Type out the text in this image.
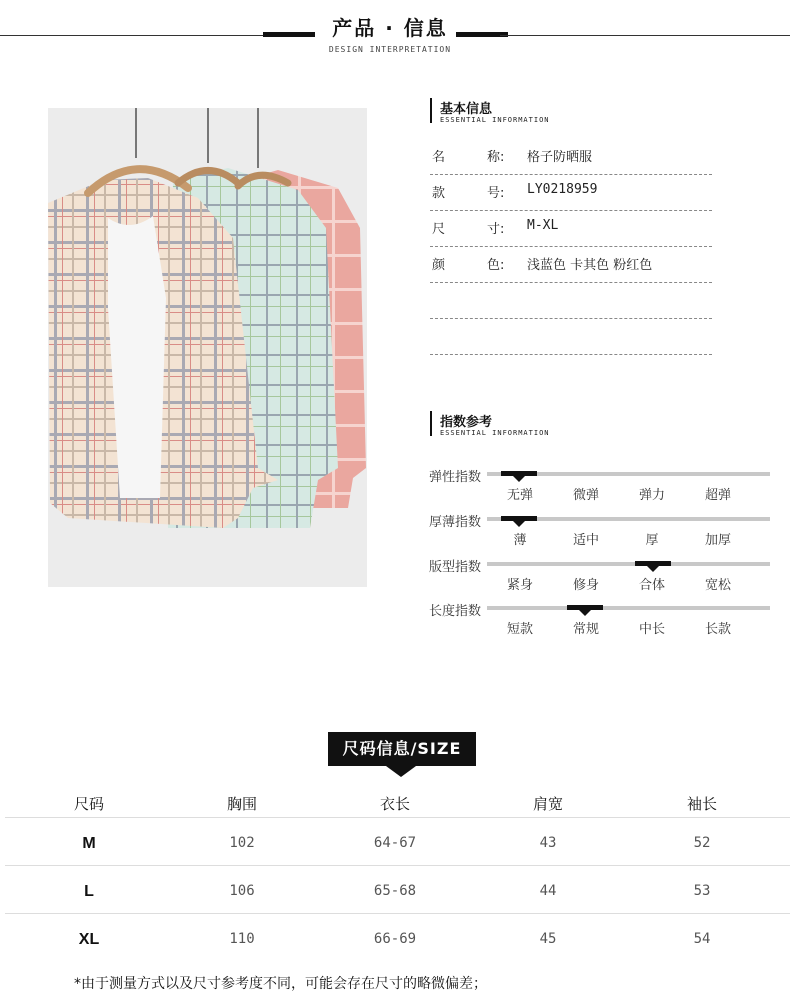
产品 · 信息
DESIGN INTERPRETATION
基本信息
ESSENTIAL INFORMATION
名	称: 格子防晒服
款	号: LY0218959
尺	寸: M-XL
颜	色: 浅蓝色 卡其色 粉红色
指数参考
ESSENTIAL INFORMATION
弹性指数
无弹	微弹	弹力	超弹
厚薄指数
薄	适中	厚	加厚
版型指数
紧身	修身	合体	宽松
长度指数
短款	常规	中长	长款
尺码信息/SIZE
尺码	胸围	衣长	肩宽	袖长
M	102	64-67	43	52
L	106	65-68	44	53
XL	110	66-69	45	54
*由于测量方式以及尺寸参考度不同，可能会存在尺寸的略微偏差；
